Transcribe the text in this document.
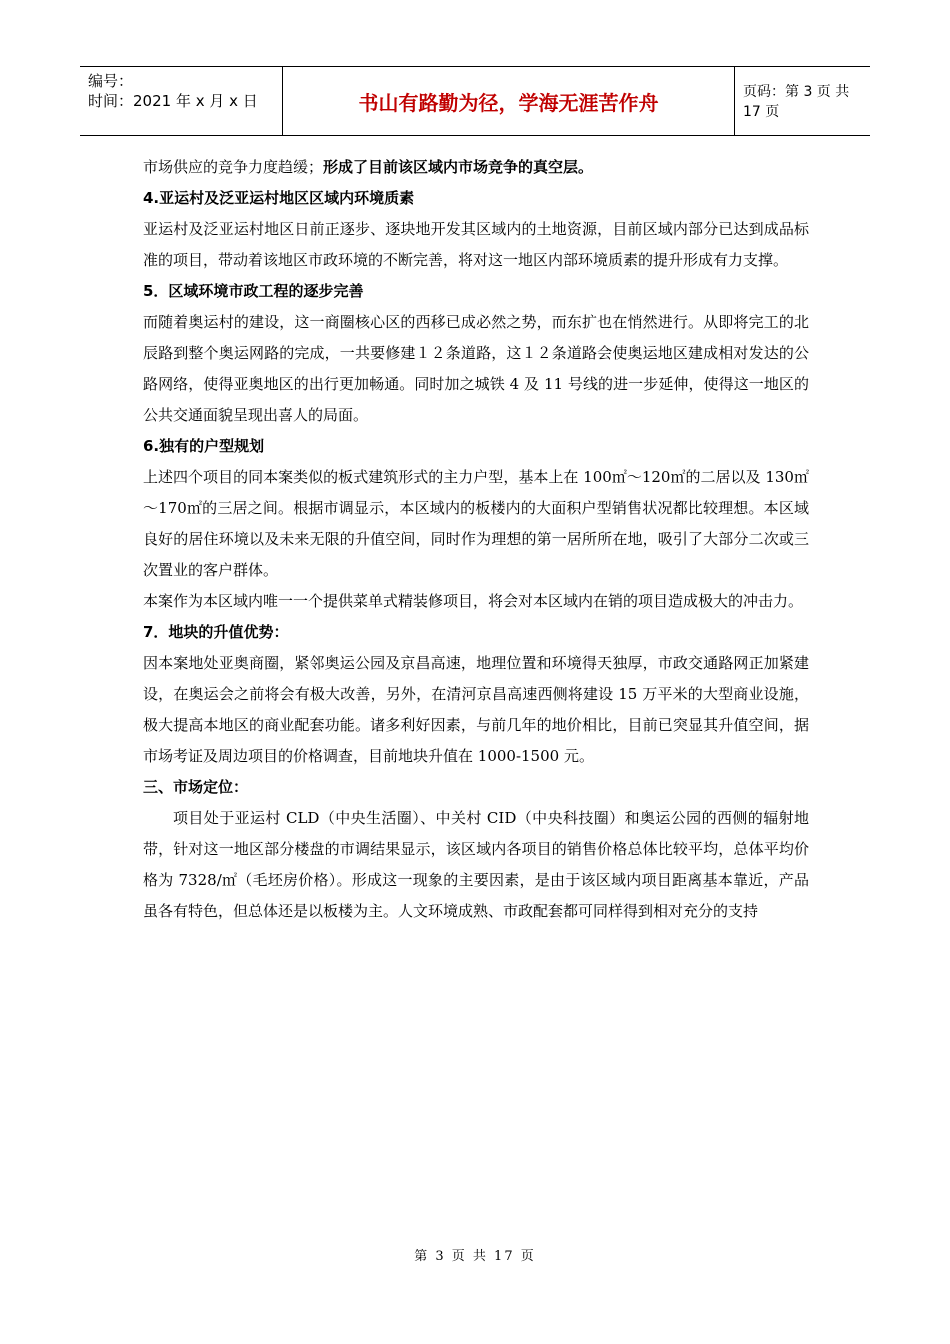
编号：
时间：2021 年 x 月 x 日	书山有路勤为径，学海无涯苦作舟	页码：第 3 页 共 17 页

市场供应的竞争力度趋缓；形成了目前该区域内市场竞争的真空层。

4.亚运村及泛亚运村地区区域内环境质素

亚运村及泛亚运村地区日前正逐步、逐块地开发其区域内的土地资源，目前区域内部分已达到成品标准的项目，带动着该地区市政环境的不断完善，将对这一地区内部环境质素的提升形成有力支撑。

5．区域环境市政工程的逐步完善

而随着奥运村的建设，这一商圈核心区的西移已成必然之势，而东扩也在悄然进行。从即将完工的北辰路到整个奥运网路的完成，一共要修建１２条道路，这１２条道路会使奥运地区建成相对发达的公路网络，使得亚奥地区的出行更加畅通。同时加之城铁 4 及 11 号线的进一步延伸，使得这一地区的公共交通面貌呈现出喜人的局面。

6.独有的户型规划

上述四个项目的同本案类似的板式建筑形式的主力户型，基本上在 100㎡～120㎡的二居以及 130㎡～170㎡的三居之间。根据市调显示，本区域内的板楼内的大面积户型销售状况都比较理想。本区域良好的居住环境以及未来无限的升值空间，同时作为理想的第一居所所在地，吸引了大部分二次或三次置业的客户群体。

本案作为本区域内唯一一个提供菜单式精装修项目，将会对本区域内在销的项目造成极大的冲击力。

7．地块的升值优势：

因本案地处亚奥商圈，紧邻奥运公园及京昌高速，地理位置和环境得天独厚，市政交通路网正加紧建设，在奥运会之前将会有极大改善，另外，在清河京昌高速西侧将建设 15 万平米的大型商业设施，极大提高本地区的商业配套功能。诸多利好因素，与前几年的地价相比，目前已突显其升值空间，据市场考证及周边项目的价格调查，目前地块升值在 1000-1500 元。

三、市场定位：

项目处于亚运村 CLD（中央生活圈）、中关村 CID（中央科技圈）和奥运公园的西侧的辐射地带，针对这一地区部分楼盘的市调结果显示，该区域内各项目的销售价格总体比较平均，总体平均价格为 7328/㎡（毛坯房价格）。形成这一现象的主要因素，是由于该区域内项目距离基本靠近，产品虽各有特色，但总体还是以板楼为主。人文环境成熟、市政配套都可同样得到相对充分的支持

第 3 页 共 17 页
